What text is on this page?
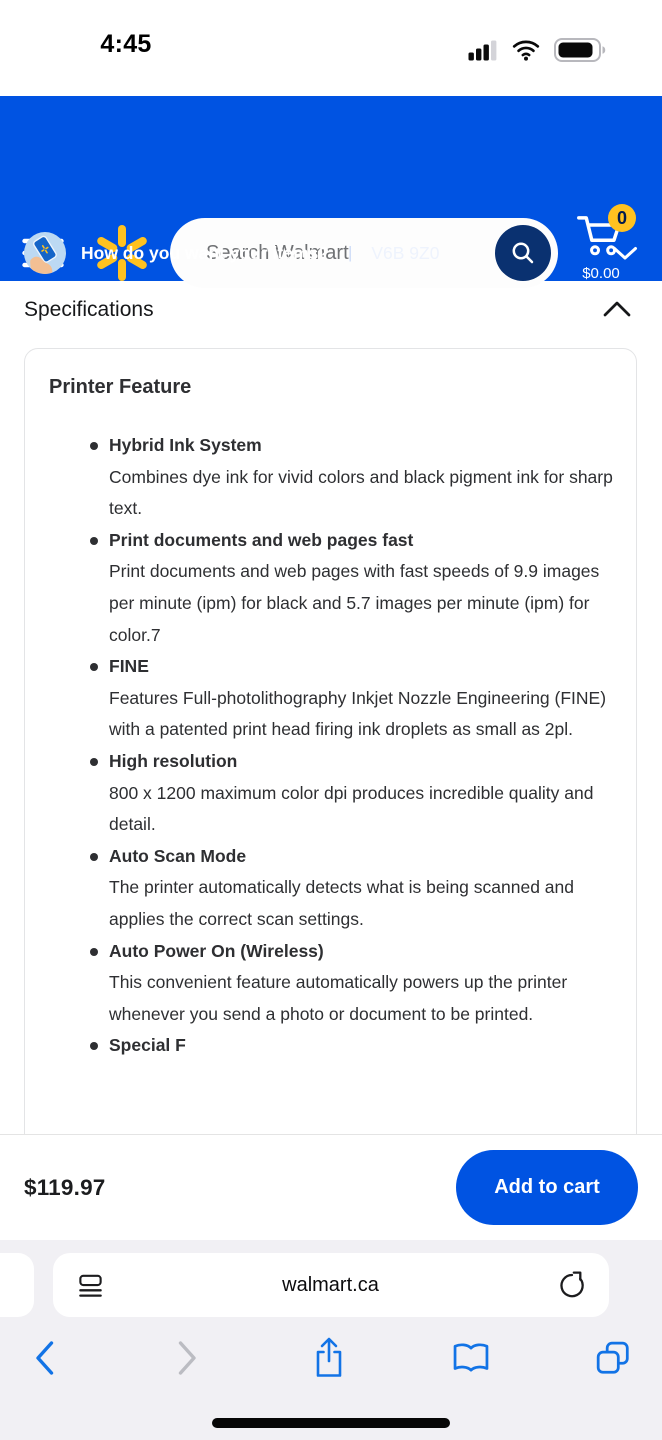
4:45
Search Walmart
0
$0.00
How do you want your items? | V6B 9Z0
Specifications
Printer Feature
Hybrid Ink System
Combines dye ink for vivid colors and black pigment ink for sharp text.
Print documents and web pages fast
Print documents and web pages with fast speeds of 9.9 images per minute (ipm) for black and 5.7 images per minute (ipm) for color.7
FINE
Features Full-photolithography Inkjet Nozzle Engineering (FINE) with a patented print head firing ink droplets as small as 2pl.
High resolution
800 x 1200 maximum color dpi produces incredible quality and detail.
Auto Scan Mode
The printer automatically detects what is being scanned and applies the correct scan settings.
Auto Power On (Wireless)
This convenient feature automatically powers up the printer whenever you send a photo or document to be printed.
Special F
$119.97	Add to cart
walmart.ca
